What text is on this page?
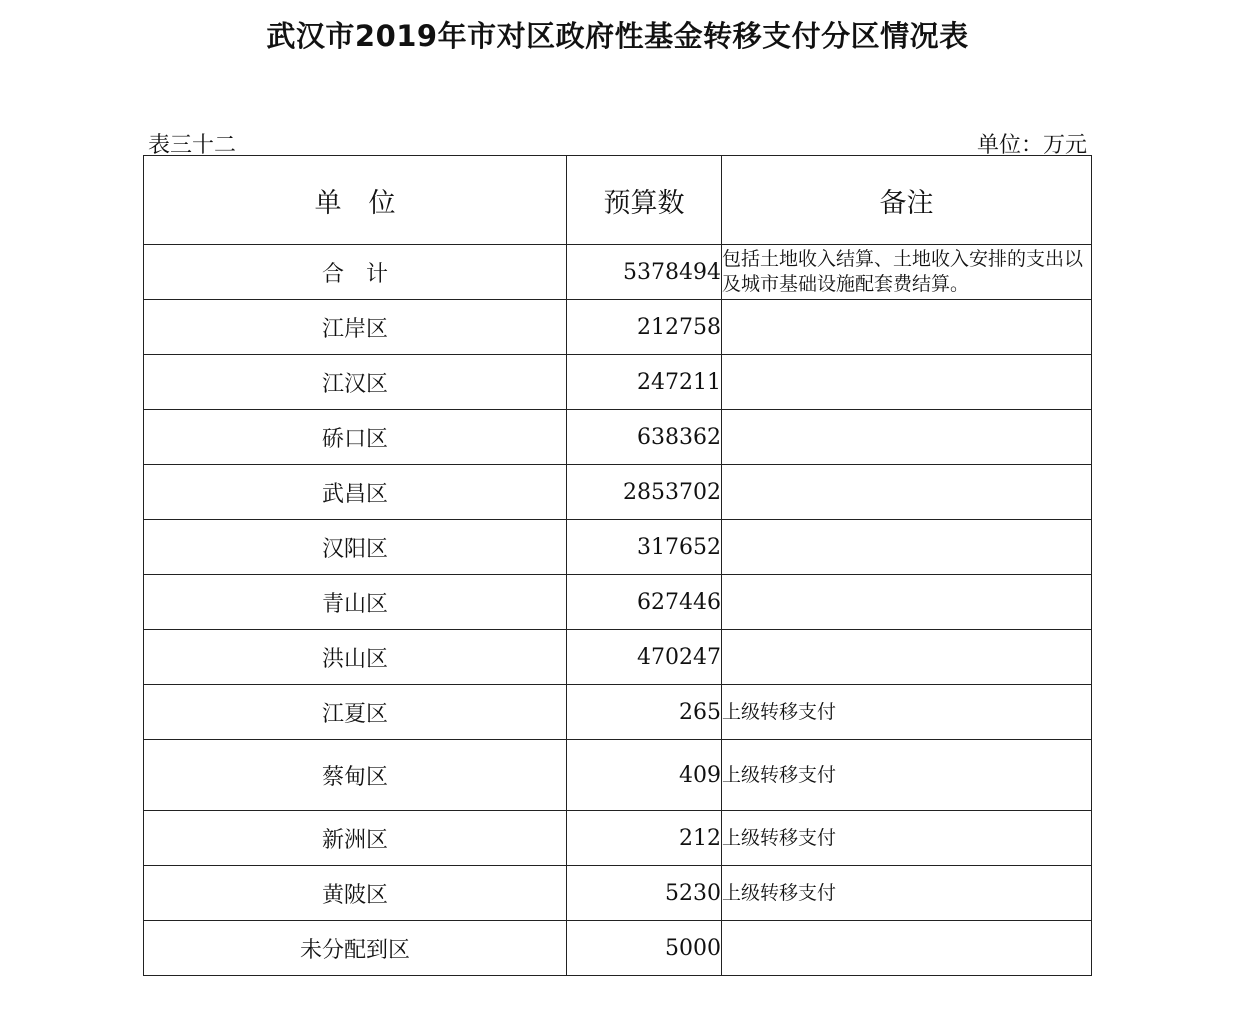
武汉市2019年市对区政府性基金转移支付分区情况表
表三十二	单位：万元
单　位	预算数	备注
合　计	5378494	包括土地收入结算、土地收入安排的支出以及城市基础设施配套费结算。
江岸区	212758	
江汉区	247211	
硚口区	638362	
武昌区	2853702	
汉阳区	317652	
青山区	627446	
洪山区	470247	
江夏区	265	上级转移支付
蔡甸区	409	上级转移支付
新洲区	212	上级转移支付
黄陂区	5230	上级转移支付
未分配到区	5000	
